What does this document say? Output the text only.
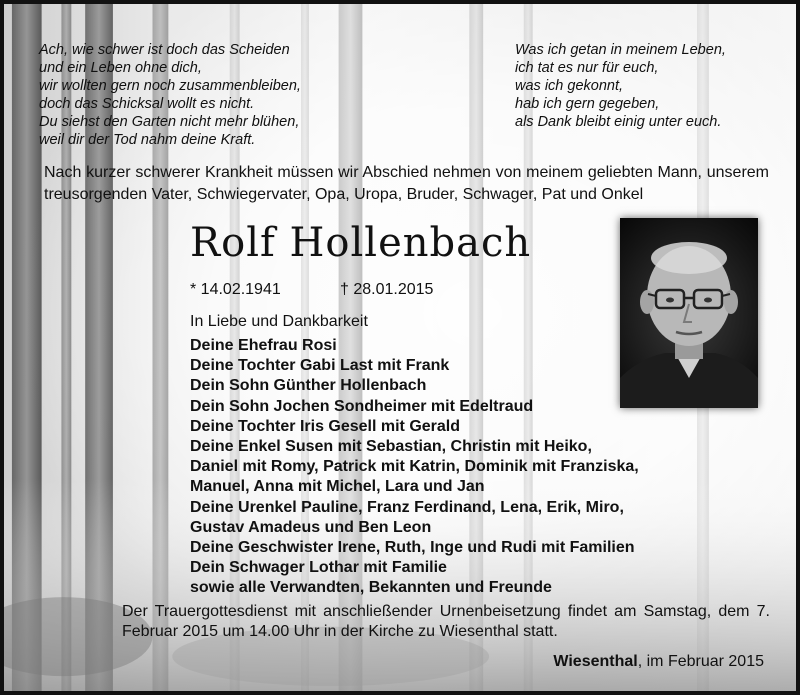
Ach, wie schwer ist doch das Scheiden
und ein Leben ohne dich,
wir wollten gern noch zusammenbleiben,
doch das Schicksal wollt es nicht.
Du siehst den Garten nicht mehr blühen,
weil dir der Tod nahm deine Kraft.
Was ich getan in meinem Leben,
ich tat es nur für euch,
was ich gekonnt,
hab ich gern gegeben,
als Dank bleibt einig unter euch.
Nach kurzer schwerer Krankheit müssen wir Abschied nehmen von meinem geliebten Mann, unserem treusorgenden Vater, Schwiegervater, Opa, Uropa, Bruder, Schwager, Pat und Onkel
Rolf Hollenbach
* 14.02.1941	† 28.01.2015
In Liebe und Dankbarkeit
Deine Ehefrau Rosi
Deine Tochter Gabi Last mit Frank
Dein Sohn Günther Hollenbach
Dein Sohn Jochen Sondheimer mit Edeltraud
Deine Tochter Iris Gesell mit Gerald
Deine Enkel Susen mit Sebastian, Christin mit Heiko,
Daniel mit Romy, Patrick mit Katrin, Dominik mit Franziska,
Manuel, Anna mit Michel, Lara und Jan
Deine Urenkel Pauline, Franz Ferdinand, Lena, Erik, Miro,
Gustav Amadeus und Ben Leon
Deine Geschwister Irene, Ruth, Inge und Rudi mit Familien
Dein Schwager Lothar mit Familie
sowie alle Verwandten, Bekannten und Freunde
Der Trauergottesdienst mit anschließender Urnenbeisetzung findet am Samstag, dem 7. Februar 2015 um 14.00 Uhr in der Kirche zu Wiesenthal statt.
Wiesenthal, im Februar 2015
